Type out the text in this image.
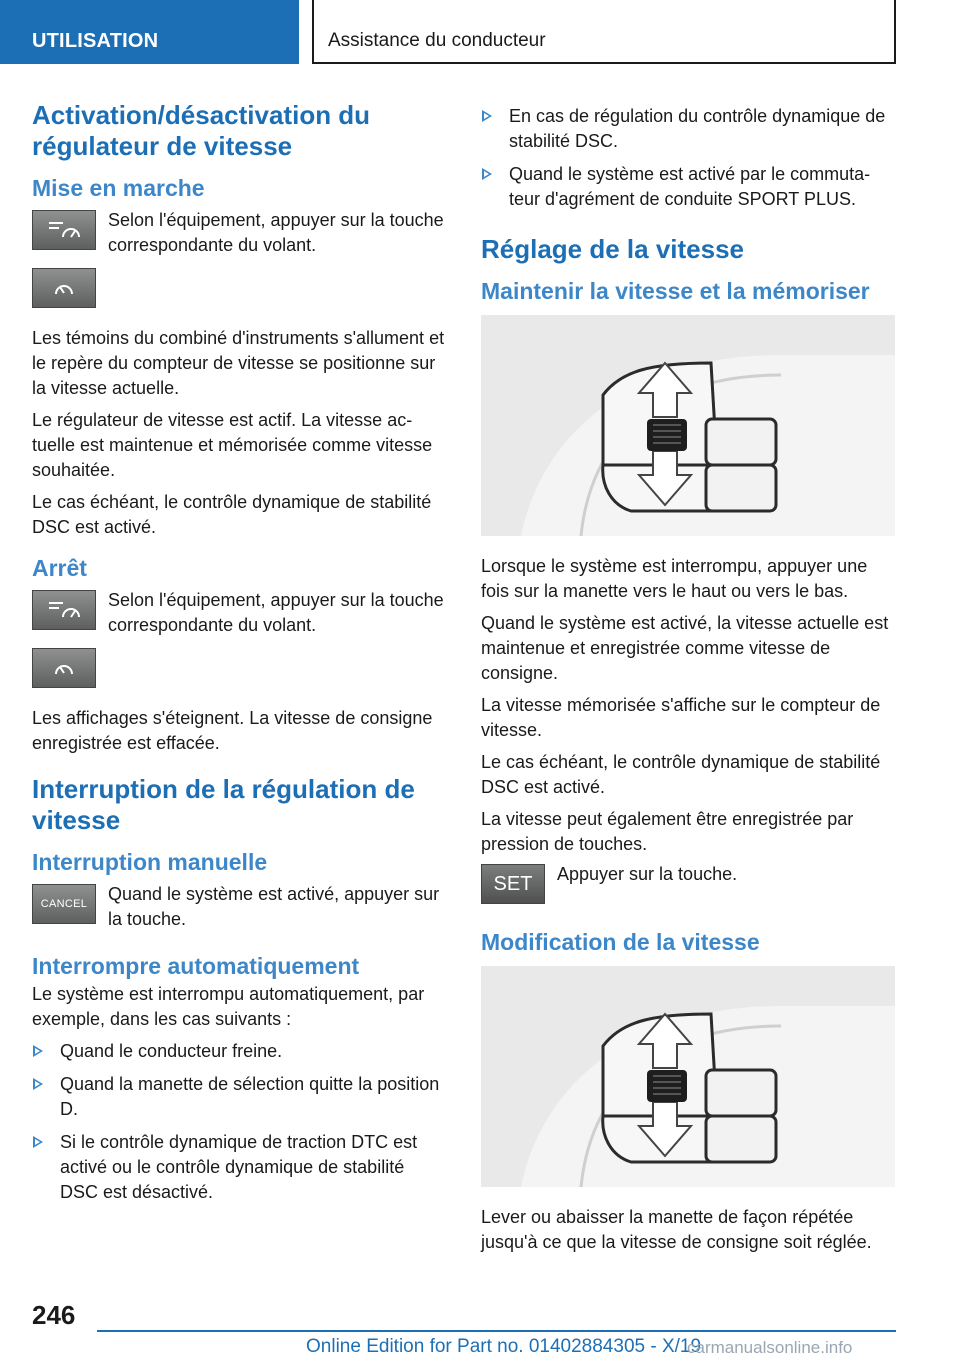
UTILISATION	Assistance du conducteur
Activation/désactivation du régulateur de vitesse
Mise en marche
Selon l'équipement, appuyer sur la touche correspondante du volant.

Les témoins du combiné d'instruments s'allument et le repère du compteur de vitesse se positionne sur la vitesse actuelle.

Le régulateur de vitesse est actif. La vitesse actuelle est maintenue et mémorisée comme vitesse souhaitée.

Le cas échéant, le contrôle dynamique de stabilité DSC est activé.

Arrêt
Selon l'équipement, appuyer sur la touche correspondante du volant.

Les affichages s'éteignent. La vitesse de consigne enregistrée est effacée.

Interruption de la régulation de vitesse
Interruption manuelle
CANCEL	Quand le système est activé, appuyer sur la touche.
Interrompre automatiquement

Le système est interrompu automatiquement, par exemple, dans les cas suivants :

Quand le conducteur freine.
Quand la manette de sélection quitte la position D.
Si le contrôle dynamique de traction DTC est activé ou le contrôle dynamique de stabilité DSC est désactivé.
En cas de régulation du contrôle dynamique de stabilité DSC.
Quand le système est activé par le commutateur d'agrément de conduite SPORT PLUS.
Réglage de la vitesse
Maintenir la vitesse et la mémoriser

Lorsque le système est interrompu, appuyer une fois sur la manette vers le haut ou vers le bas.

Quand le système est activé, la vitesse actuelle est maintenue et enregistrée comme vitesse de consigne.

La vitesse mémorisée s'affiche sur le compteur de vitesse.

Le cas échéant, le contrôle dynamique de stabilité DSC est activé.

La vitesse peut également être enregistrée par pression de touches.

SET	Appuyer sur la touche.
Modification de la vitesse

Lever ou abaisser la manette de façon répétée jusqu'à ce que la vitesse de consigne soit réglée.

246
Online Edition for Part no. 01402884305 - X/19
carmanualsonline.info
